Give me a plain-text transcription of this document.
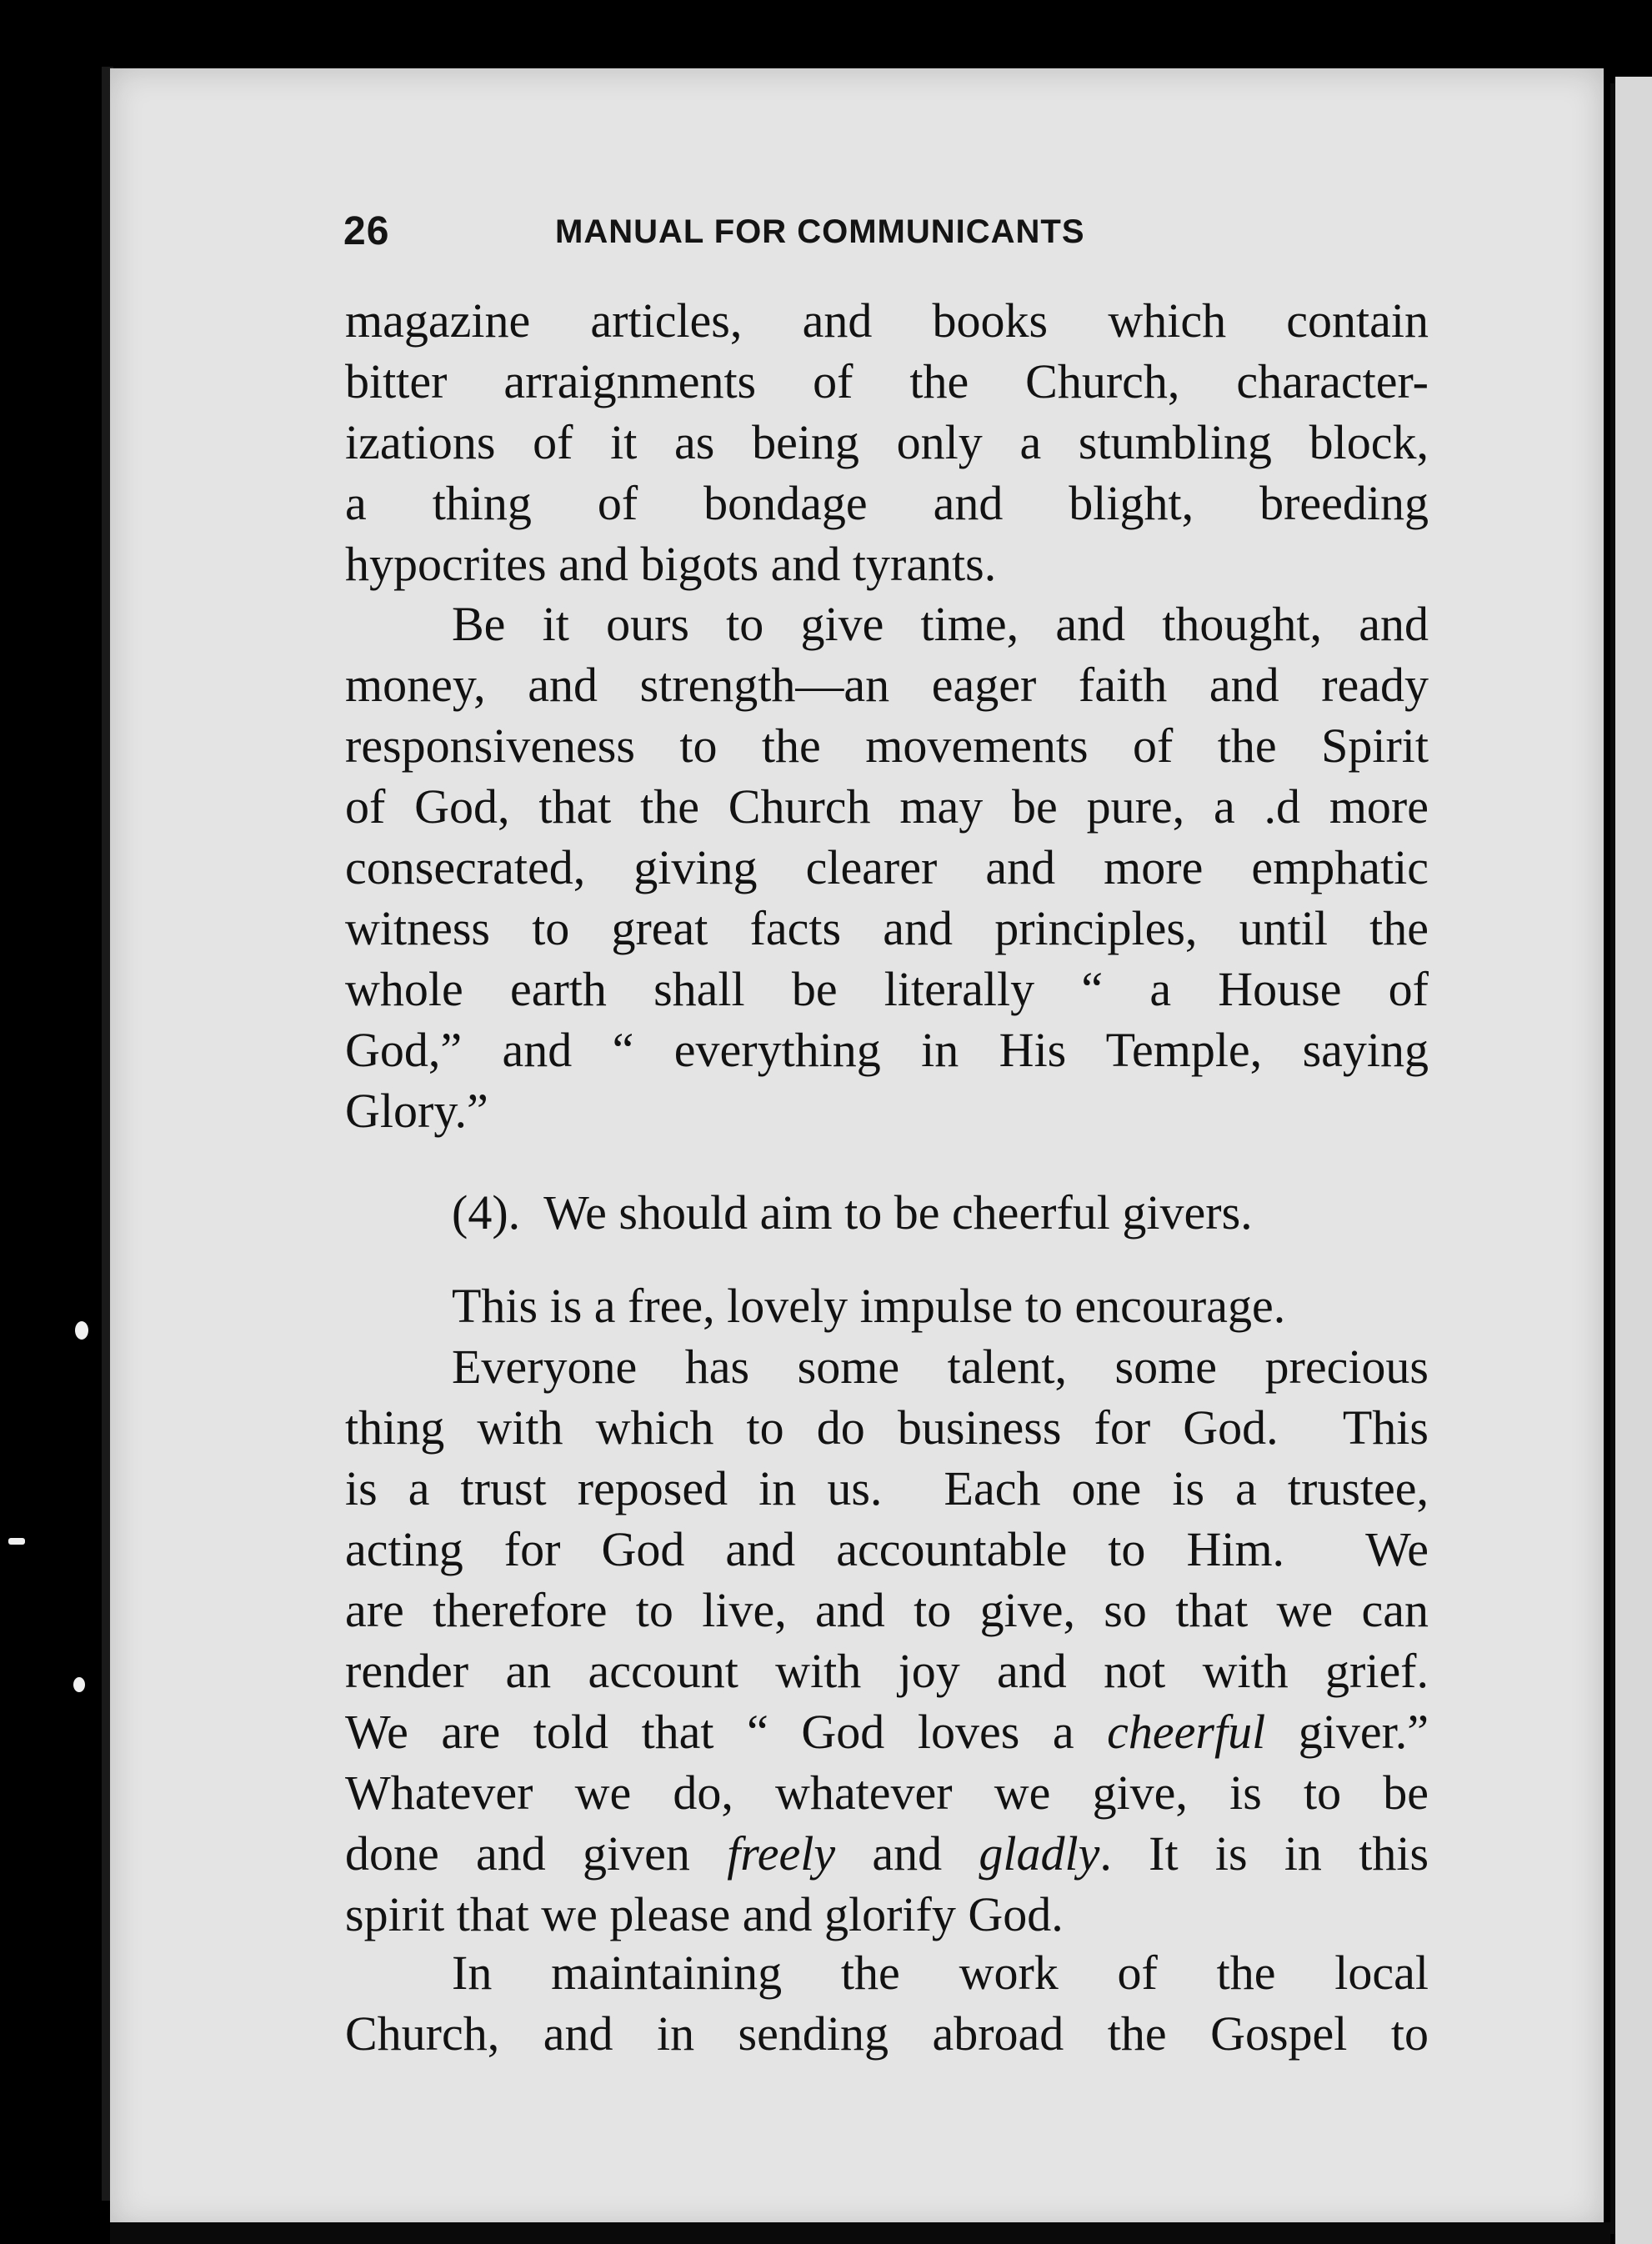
26	MANUAL FOR COMMUNICANTS
magazine articles, and books which contain
bitter arraignments of the Church, character-
izations of it as being only a stumbling block,
a thing of bondage and blight, breeding
hypocrites and bigots and tyrants.
Be it ours to give time, and thought, and
money, and strength—an eager faith and ready
responsiveness to the movements of the Spirit
of God, that the Church may be pure, a .d more
consecrated, giving clearer and more emphatic
witness to great facts and principles, until the
whole earth shall be literally “ a House of
God,” and “ everything in His Temple, saying
Glory.”
(4).  We should aim to be cheerful givers.
This is a free, lovely impulse to encourage.
Everyone has some talent, some precious
thing with which to do business for God.  This
is a trust reposed in us.  Each one is a trustee,
acting for God and accountable to Him.  We
are therefore to live, and to give, so that we can
render an account with joy and not with grief.
We are told that “ God loves a cheerful giver.”
Whatever we do, whatever we give, is to be
done and given freely and gladly. It is in this
spirit that we please and glorify God.
In maintaining the work of the local
Church, and in sending abroad the Gospel to
